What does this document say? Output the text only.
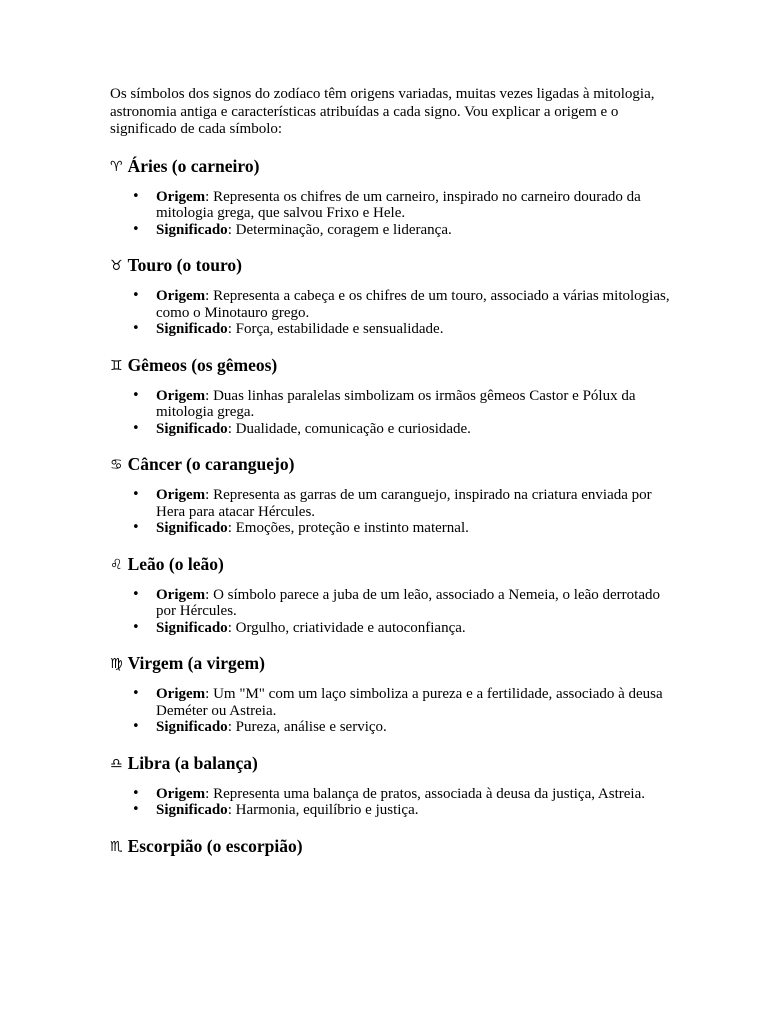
Os símbolos dos signos do zodíaco têm origens variadas, muitas vezes ligadas à mitologia, astronomia antiga e características atribuídas a cada signo. Vou explicar a origem e o significado de cada símbolo:

♈ Áries (o carneiro)
• Origem: Representa os chifres de um carneiro, inspirado no carneiro dourado da mitologia grega, que salvou Frixo e Hele.
• Significado: Determinação, coragem e liderança.
♉ Touro (o touro)
• Origem: Representa a cabeça e os chifres de um touro, associado a várias mitologias, como o Minotauro grego.
• Significado: Força, estabilidade e sensualidade.
♊ Gêmeos (os gêmeos)
• Origem: Duas linhas paralelas simbolizam os irmãos gêmeos Castor e Pólux da mitologia grega.
• Significado: Dualidade, comunicação e curiosidade.
♋ Câncer (o caranguejo)
• Origem: Representa as garras de um caranguejo, inspirado na criatura enviada por Hera para atacar Hércules.
• Significado: Emoções, proteção e instinto maternal.
♌ Leão (o leão)
• Origem: O símbolo parece a juba de um leão, associado a Nemeia, o leão derrotado por Hércules.
• Significado: Orgulho, criatividade e autoconfiança.
♍ Virgem (a virgem)
• Origem: Um "M" com um laço simboliza a pureza e a fertilidade, associado à deusa Deméter ou Astreia.
• Significado: Pureza, análise e serviço.
♎ Libra (a balança)
• Origem: Representa uma balança de pratos, associada à deusa da justiça, Astreia.
• Significado: Harmonia, equilíbrio e justiça.
♏ Escorpião (o escorpião)
